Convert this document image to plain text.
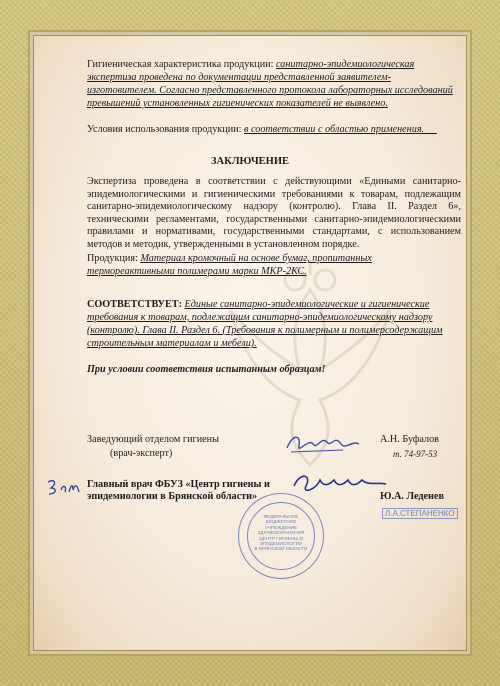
Гигиеническая характеристика продукции: санитарно-эпидемиологическая
экспертиза проведена по документации представленной заявителем-
изготовителем. Согласно представленного протокола лабораторных исследований
превышений установленных гигиенических показателей не выявлено.
Условия использования продукции: в соответствии с областью применения.
ЗАКЛЮЧЕНИЕ
Экспертиза проведена в соответствии с действующими «Едиными санитарно-эпидемиологическими и гигиеническими требованиями к товарам, подлежащим санитарно-эпидемиологическому надзору (контролю). Глава II. Раздел 6», техническими регламентами, государственными санитарно-эпидемиологическими правилами и нормативами, государственными стандартами, с использованием методов и методик, утвержденными в установленном порядке.
Продукция: Материал кромочный на основе бумаг, пропитанных
термореактивными полимерами марки МКР-2КС.
СООТВЕТСТВУЕТ: Единые санитарно-эпидемиологические и гигиенические
требования к товарам, подлежащим санитарно-эпидемиологическому надзору
(контролю). Глава II. Раздел 6. (Требования к полимерным и полимерсодержащим
строительным материалам и мебели).
При условии соответствия испытанным образцам!
Заведующий отделом гигиены
(врач-эксперт)
А.Н. Буфалов
т. 74-97-53
Главный врач ФБУЗ «Центр гигиены и
эпидемиологии в Брянской области»	Ю.А. Леденев
ФЕДЕРАЛЬНОЕ
БЮДЖЕТНОЕ
УЧРЕЖДЕНИЕ ЗДРАВООХРАНЕНИЯ
ЦЕНТР ГИГИЕНЫ И
ЭПИДЕМИОЛОГИИ
В БРЯНСКОЙ ОБЛАСТИ
Л.А.СТЕПАНЕНКО
